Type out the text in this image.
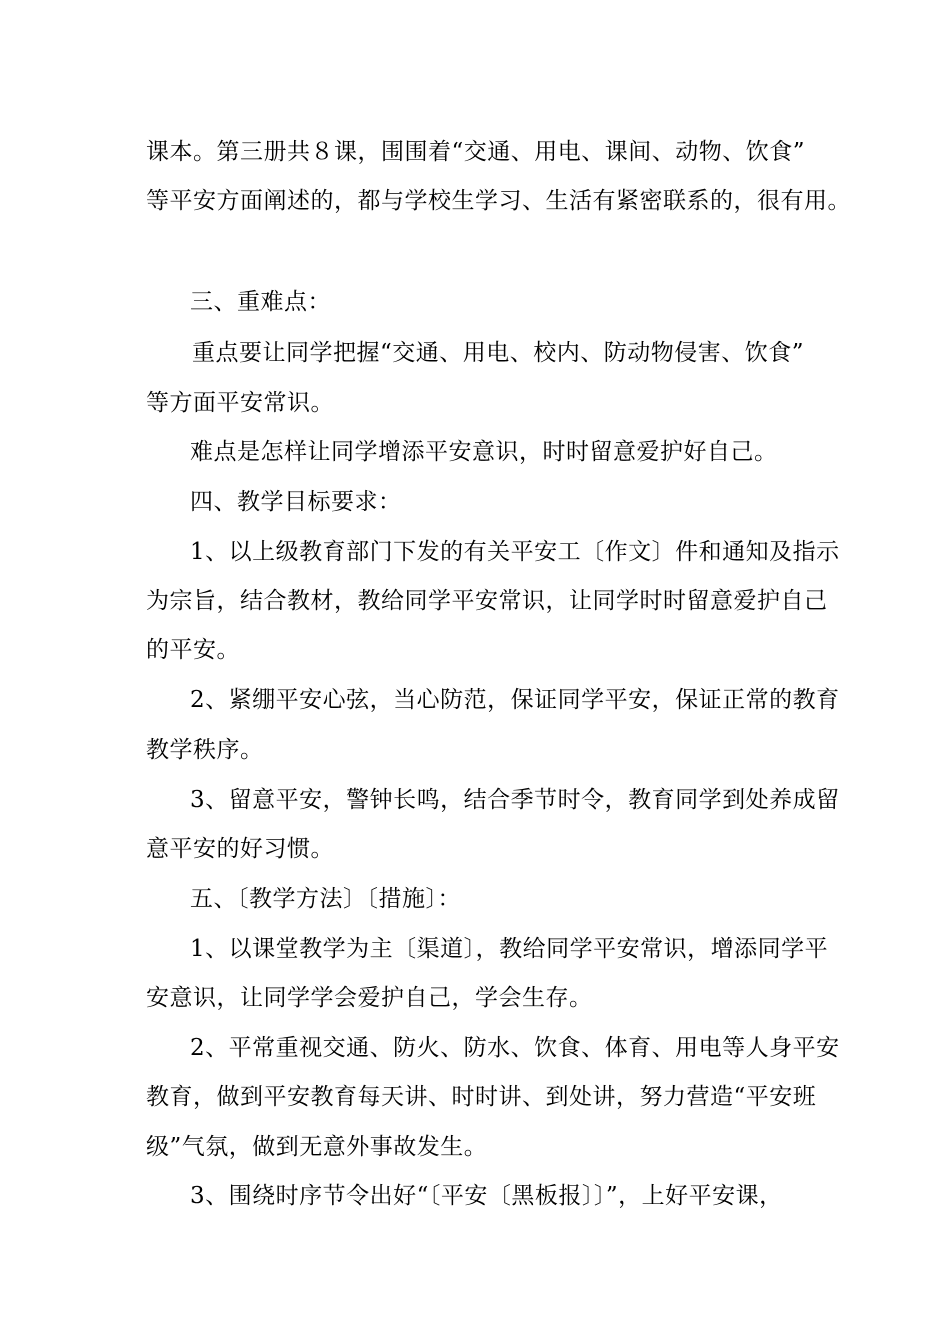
课本。第三册共８课，围围着“交通、用电、课间、动物、饮食”
等平安方面阐述的，都与学校生学习、生活有紧密联系的，很有用。
三、重难点：
重点要让同学把握“交通、用电、校内、防动物侵害、饮食”
等方面平安常识。
难点是怎样让同学增添平安意识，时时留意爱护好自己。
四、教学目标要求：
1、以上级教育部门下发的有关平安工〔作文〕件和通知及指示
为宗旨，结合教材，教给同学平安常识，让同学时时留意爱护自己
的平安。
2、紧绷平安心弦，当心防范，保证同学平安，保证正常的教育
教学秩序。
3、留意平安，警钟长鸣，结合季节时令，教育同学到处养成留
意平安的好习惯。
五、〔教学方法〕〔措施〕：
1、以课堂教学为主〔渠道〕，教给同学平安常识，增添同学平
安意识，让同学学会爱护自己，学会生存。
2、平常重视交通、防火、防水、饮食、体育、用电等人身平安
教育，做到平安教育每天讲、时时讲、到处讲，努力营造“平安班
级”气氛，做到无意外事故发生。
3、围绕时序节令出好“〔平安〔黑板报〕〕”，上好平安课，
